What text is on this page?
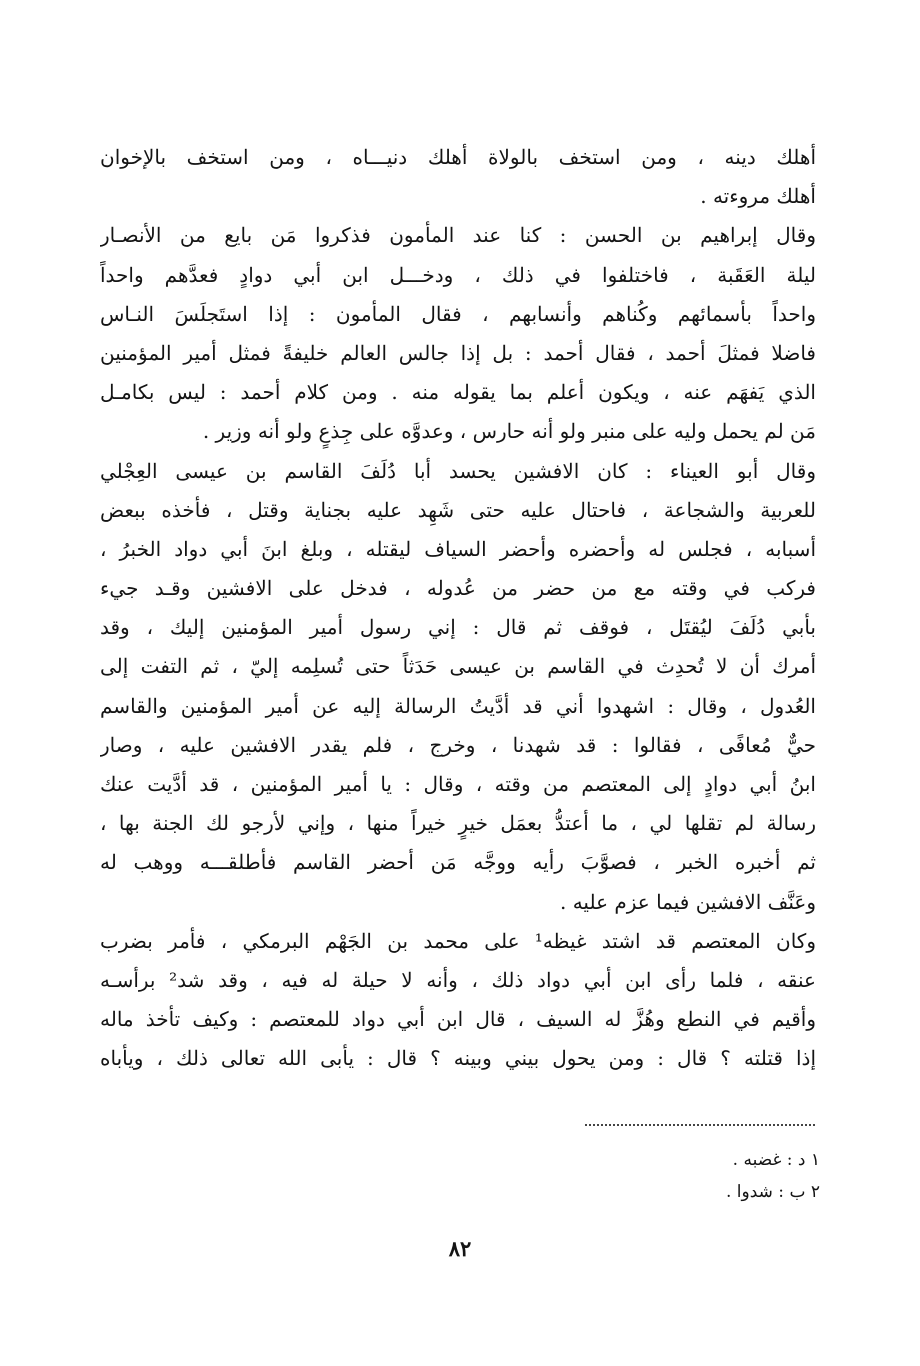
أهلك دينه ، ومن استخف بالولاة أهلك دنيـــاه ، ومن استخف بالإخوان
أهلك مروءته .
وقال إبراهيم بن الحسن : كنا عند المأمون فذكروا مَن بايع من الأنصـار
ليلة العَقَبة ، فاختلفوا في ذلك ، ودخـــل ابن أبي دوادٍ فعدَّهم واحداً
واحداً بأسمائهم وكُناهم وأنسابهم ، فقال المأمون : إذا استَجلَسَ النـاس
فاضلا فمثلَ أحمد ، فقال أحمد : بل إذا جالس العالم خليفةً فمثل أمير المؤمنين
الذي يَفهَم عنه ، ويكون أعلم بما يقوله منه . ومن كلام أحمد : ليس بكامـل
مَن لم يحمل وليه على منبر ولو أنه حارس ، وعدوَّه على جِذعٍ ولو أنه وزير .
وقال أبو العيناء : كان الافشين يحسد أبا دُلَفَ القاسم بن عيسى العِجْلي
للعربية والشجاعة ، فاحتال عليه حتى شَهِد عليه بجناية وقتل ، فأخذه ببعض
أسبابه ، فجلس له وأحضره وأحضر السياف ليقتله ، وبلغ ابنَ أبي دواد الخبرُ ،
فركب في وقته مع من حضر من عُدوله ، فدخل على الافشين وقـد جيء
بأبي دُلَفَ ليُقتَل ، فوقف ثم قال : إني رسول أمير المؤمنين إليك ، وقد
أمرك أن لا تُحدِث في القاسم بن عيسى حَدَثاً حتى تُسلِمه إليّ ، ثم التفت إلى
العُدول ، وقال : اشهدوا أني قد أدَّيتُ الرسالة إليه عن أمير المؤمنين والقاسم
حيٌّ مُعافًى ، فقالوا : قد شهدنا ، وخرج ، فلم يقدر الافشين عليه ، وصار
ابنُ أبي دوادٍ إلى المعتصم من وقته ، وقال : يا أمير المؤمنين ، قد أدَّيت عنك
رسالة لم تقلها لي ، ما أعتدُّ بعمَل خيرٍ خيراً منها ، وإني لأرجو لك الجنة بها ،
ثم أخبره الخبر ، فصوَّبَ رأيه ووجَّه مَن أحضر القاسم فأطلقـــه ووهب له
وعَنَّف الافشين فيما عزم عليه .
وكان المعتصم قد اشتد غيظه¹ على محمد بن الجَهْم البرمكي ، فأمر بضرب
عنقه ، فلما رأى ابن أبي دواد ذلك ، وأنه لا حيلة له فيه ، وقد شد² برأسـه
وأقيم في النطع وهُزَّ له السيف ، قال ابن أبي دواد للمعتصم : وكيف تأخذ ماله
إذا قتلته ؟ قال : ومن يحول بيني وبينه ؟ قال : يأبى الله تعالى ذلك ، ويأباه
١ د : غضبه .
٢ ب : شدوا .
٨٢
